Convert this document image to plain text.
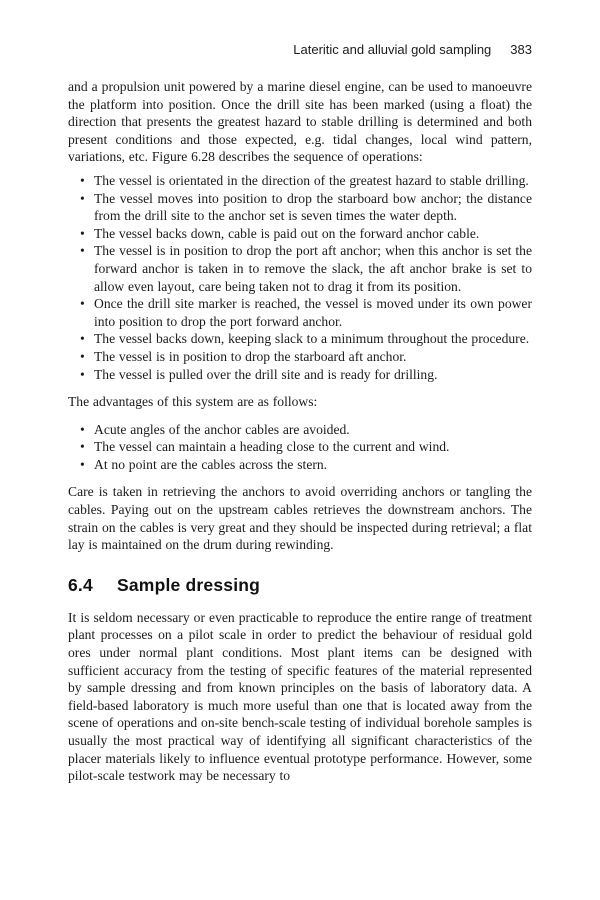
Lateritic and alluvial gold sampling 383

and a propulsion unit powered by a marine diesel engine, can be used to manoeuvre the platform into position. Once the drill site has been marked (using a float) the direction that presents the greatest hazard to stable drilling is determined and both present conditions and those expected, e.g. tidal changes, local wind pattern, variations, etc. Figure 6.28 describes the sequence of operations:

• The vessel is orientated in the direction of the greatest hazard to stable drilling.
• The vessel moves into position to drop the starboard bow anchor; the distance from the drill site to the anchor set is seven times the water depth.
• The vessel backs down, cable is paid out on the forward anchor cable.
• The vessel is in position to drop the port aft anchor; when this anchor is set the forward anchor is taken in to remove the slack, the aft anchor brake is set to allow even layout, care being taken not to drag it from its position.
• Once the drill site marker is reached, the vessel is moved under its own power into position to drop the port forward anchor.
• The vessel backs down, keeping slack to a minimum throughout the procedure.
• The vessel is in position to drop the starboard aft anchor.
• The vessel is pulled over the drill site and is ready for drilling.

The advantages of this system are as follows:

• Acute angles of the anchor cables are avoided.
• The vessel can maintain a heading close to the current and wind.
• At no point are the cables across the stern.

Care is taken in retrieving the anchors to avoid overriding anchors or tangling the cables. Paying out on the upstream cables retrieves the downstream anchors. The strain on the cables is very great and they should be inspected during retrieval; a flat lay is maintained on the drum during rewinding.

6.4 Sample dressing

It is seldom necessary or even practicable to reproduce the entire range of treatment plant processes on a pilot scale in order to predict the behaviour of residual gold ores under normal plant conditions. Most plant items can be designed with sufficient accuracy from the testing of specific features of the material represented by sample dressing and from known principles on the basis of laboratory data. A field-based laboratory is much more useful than one that is located away from the scene of operations and on-site bench-scale testing of individual borehole samples is usually the most practical way of identifying all significant characteristics of the placer materials likely to influence eventual prototype performance. However, some pilot-scale testwork may be necessary to
